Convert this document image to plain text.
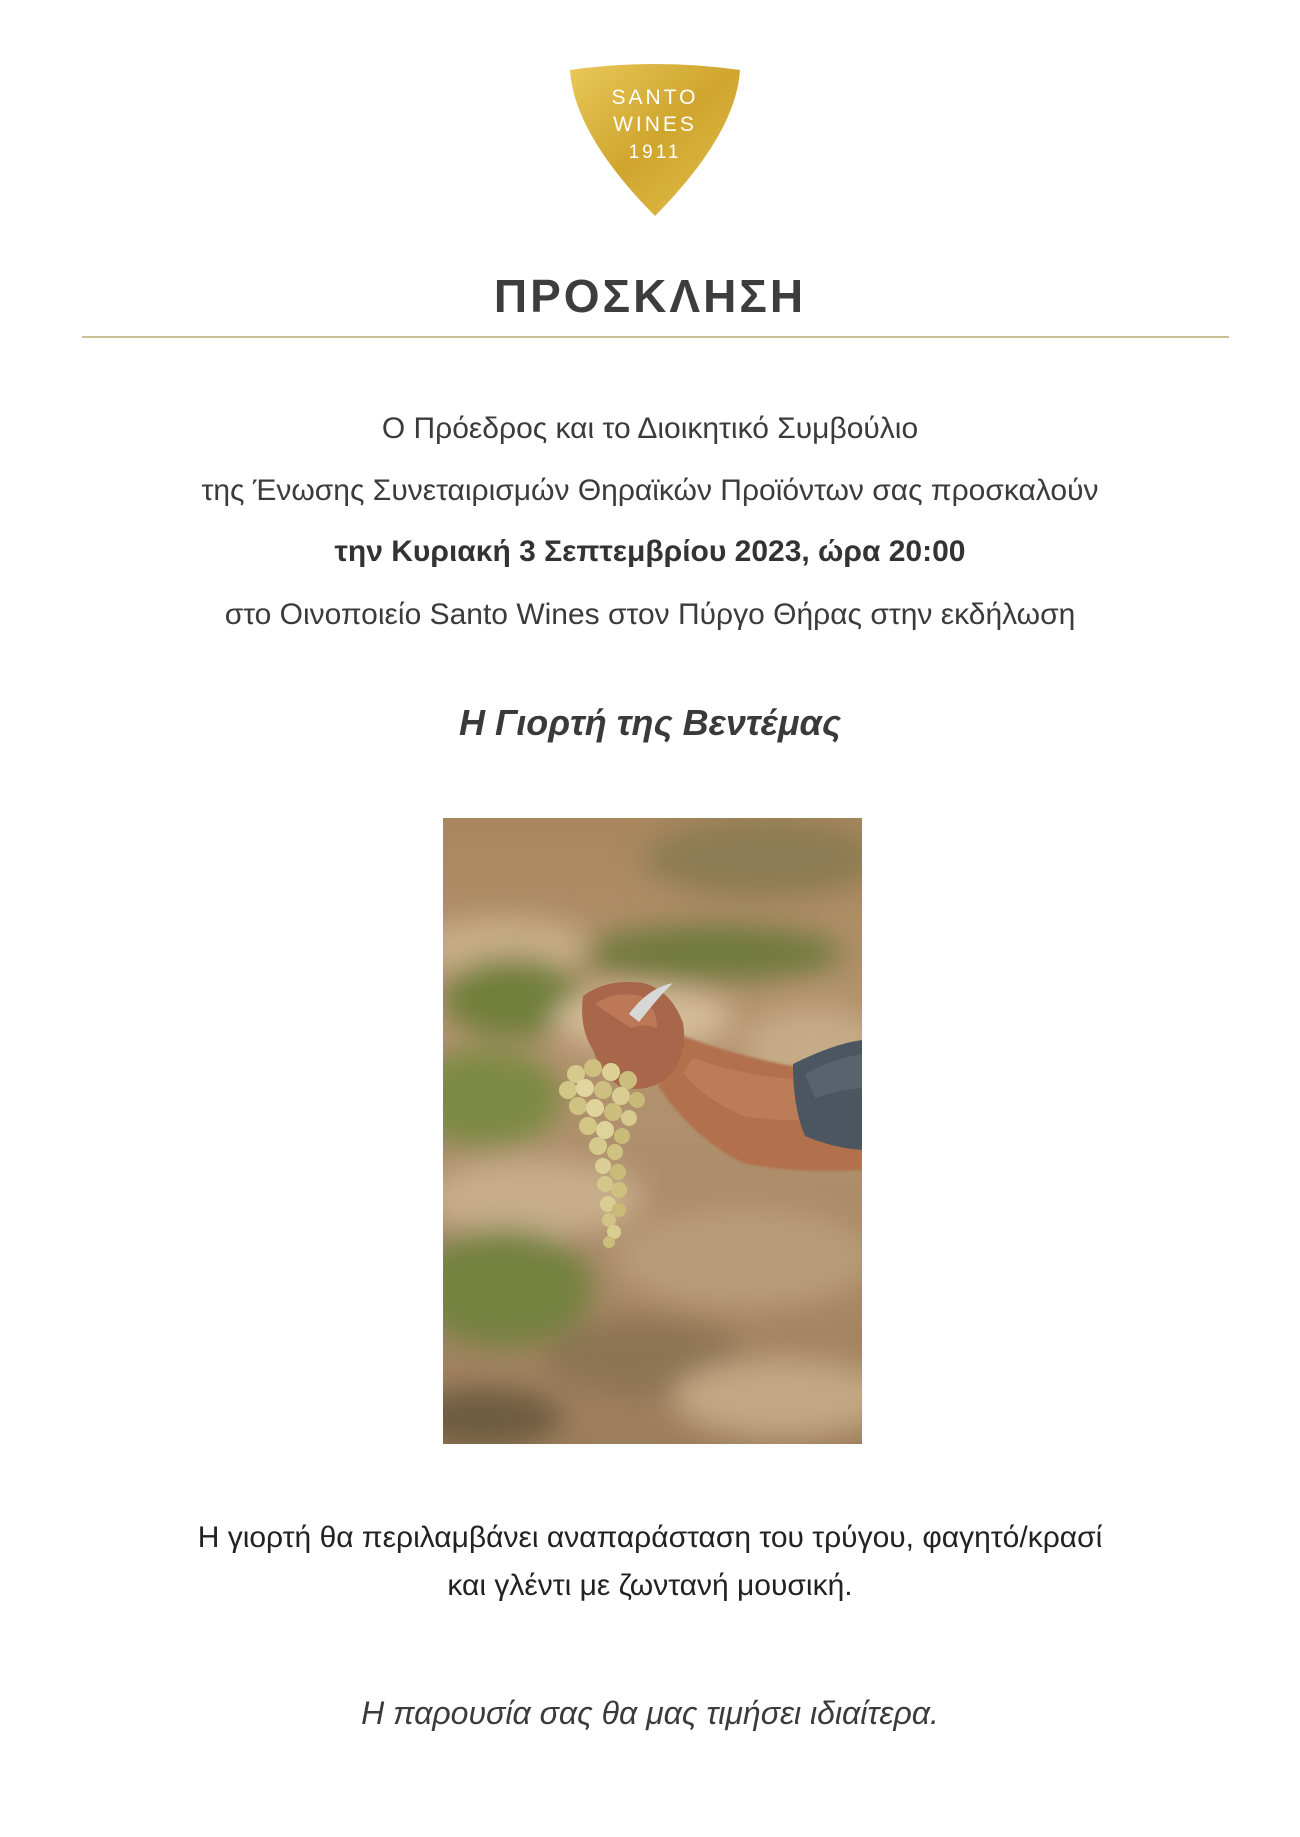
SANTO
WINES
1911
ΠΡΟΣΚΛΗΣΗ
Ο Πρόεδρος και το Διοικητικό Συμβούλιο
της Ένωσης Συνεταιρισμών Θηραϊκών Προϊόντων σας προσκαλούν
την Κυριακή 3 Σεπτεμβρίου 2023, ώρα 20:00
στο Οινοποιείο Santo Wines στον Πύργο Θήρας στην εκδήλωση
Η Γιορτή της Βεντέμας
Η γιορτή θα περιλαμβάνει αναπαράσταση του τρύγου, φαγητό/κρασί
και γλέντι με ζωντανή μουσική.
Η παρουσία σας θα μας τιμήσει ιδιαίτερα.
